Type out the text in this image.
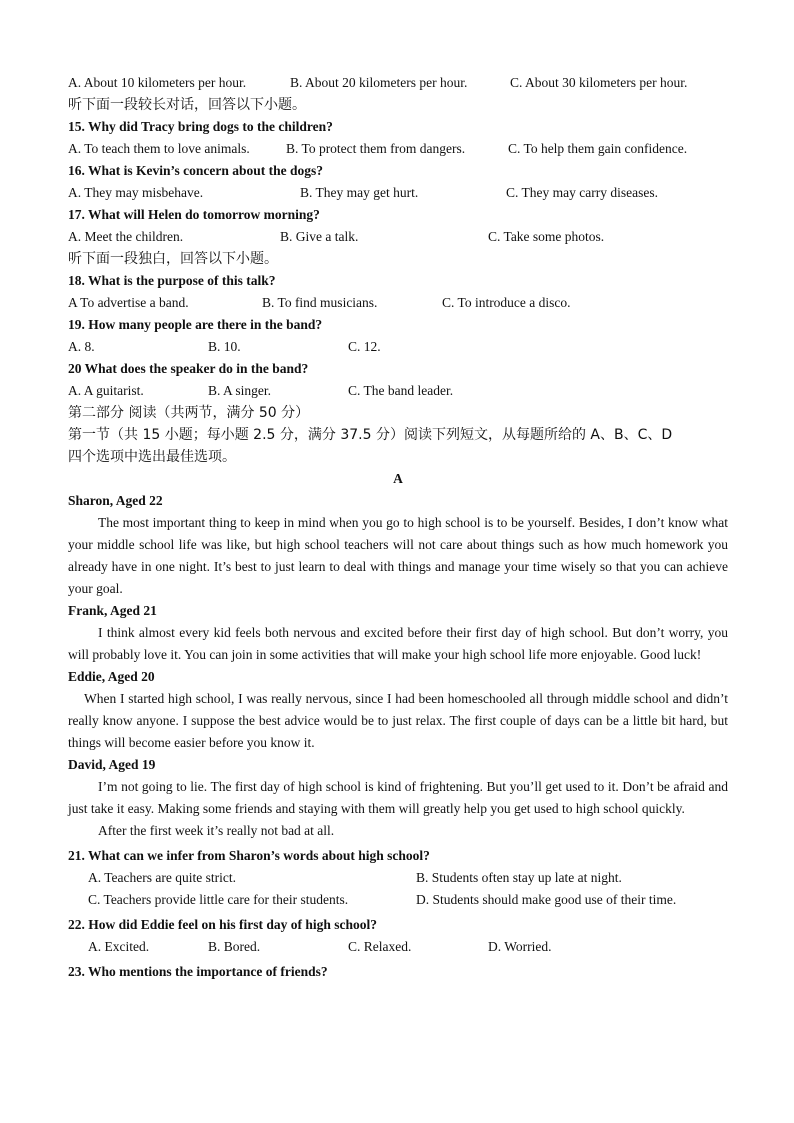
A. About 10 kilometers per hour.	B. About 20 kilometers per hour.	C. About 30 kilometers per hour.
听下面一段较长对话，回答以下小题。
15. Why did Tracy bring dogs to the children?
A. To teach them to love animals.	B. To protect them from dangers.	C. To help them gain confidence.
16. What is Kevin’s concern about the dogs?
A. They may misbehave.	B. They may get hurt.	C. They may carry diseases.
17. What will Helen do tomorrow morning?
A. Meet the children.	B. Give a talk.	C. Take some photos.
听下面一段独白，回答以下小题。
18. What is the purpose of this talk?
A To advertise a band.	B. To find musicians.	C. To introduce a disco.
19. How many people are there in the band?
A. 8.	B. 10.	C. 12.
20 What does the speaker do in the band?
A. A guitarist.	B. A singer.	C. The band leader.
第二部分 阅读（共两节，满分 50 分）
第一节（共 15 小题；每小题 2.5 分，满分 37.5 分）阅读下列短文，从每题所给的 A、B、C、D
四个选项中选出最佳选项。
A
Sharon, Aged 22
The most important thing to keep in mind when you go to high school is to be yourself. Besides, I don’t know what your middle school life was like, but high school teachers will not care about things such as how much homework you already have in one night. It’s best to just learn to deal with things and manage your time wisely so that you can achieve your goal.
Frank, Aged 21
I think almost every kid feels both nervous and excited before their first day of high school. But don’t worry, you will probably love it. You can join in some activities that will make your high school life more enjoyable. Good luck!
Eddie, Aged 20
When I started high school, I was really nervous, since I had been homeschooled all through middle school and didn’t really know anyone. I suppose the best advice would be to just relax. The first couple of days can be a little bit hard, but things will become easier before you know it.
David, Aged 19
I’m not going to lie. The first day of high school is kind of frightening. But you’ll get used to it. Don’t be afraid and just take it easy. Making some friends and staying with them will greatly help you get used to high school quickly.
After the first week it’s really not bad at all.
21. What can we infer from Sharon’s words about high school?
A. Teachers are quite strict.	B. Students often stay up late at night.
C. Teachers provide little care for their students.	D. Students should make good use of their time.
22. How did Eddie feel on his first day of high school?
A. Excited.	B. Bored.	C. Relaxed.	D. Worried.
23. Who mentions the importance of friends?
